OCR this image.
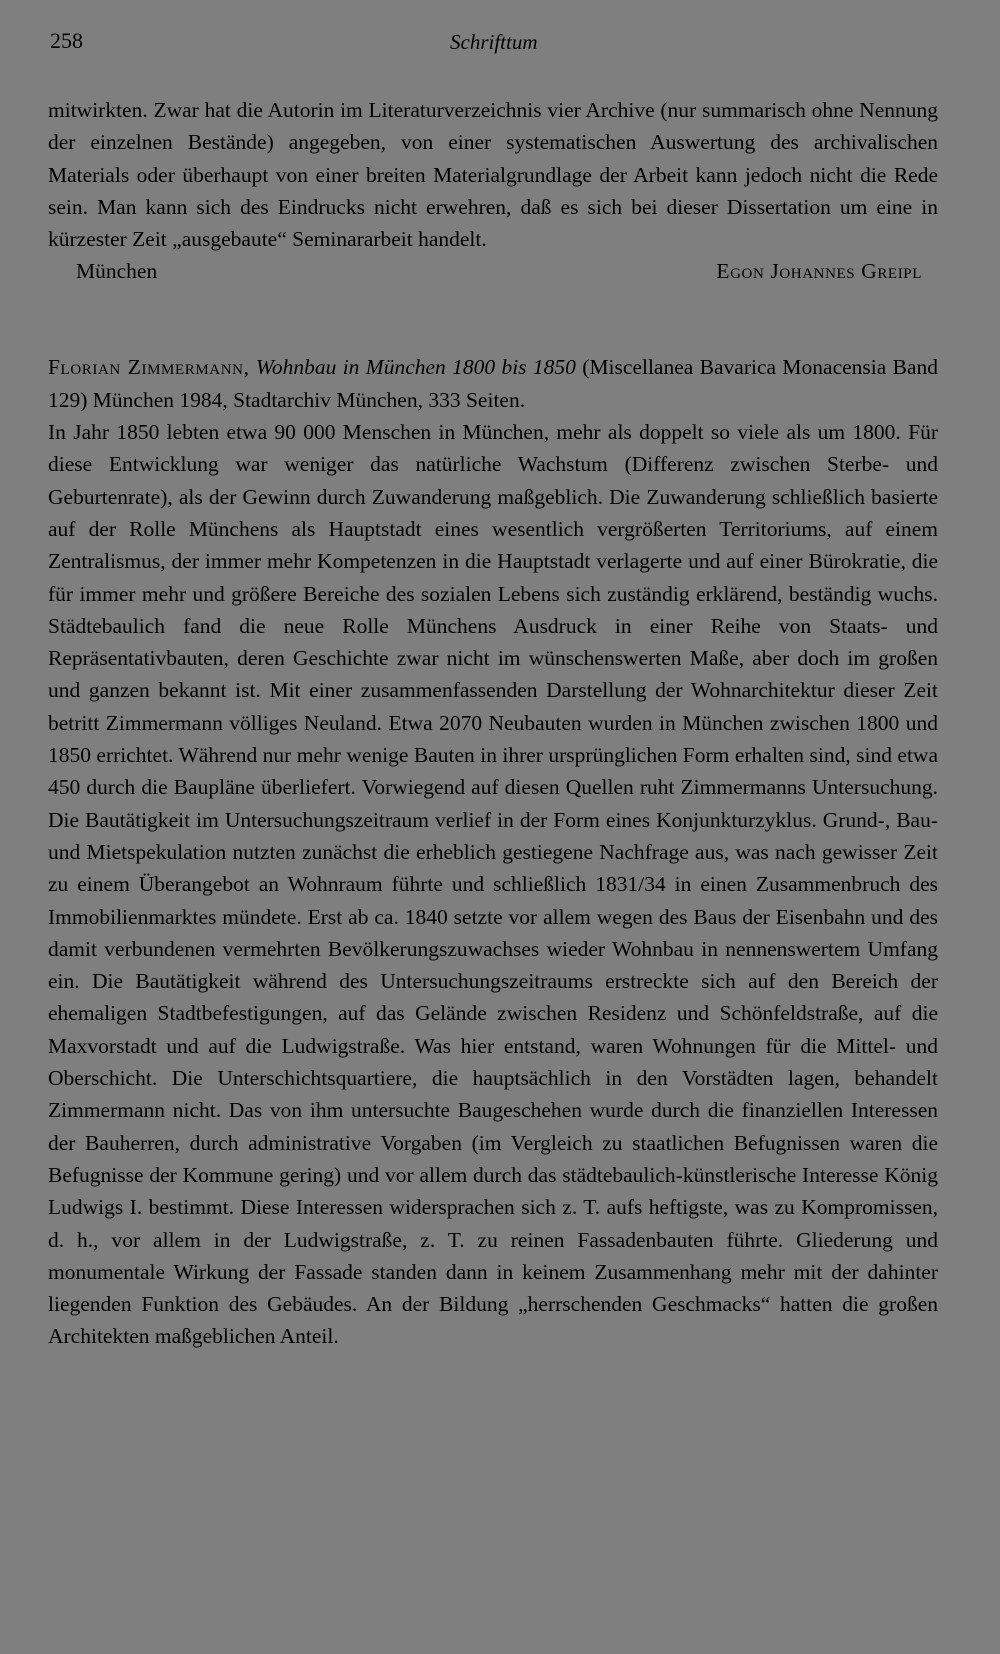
258	Schrifttum

mitwirkten. Zwar hat die Autorin im Literaturverzeichnis vier Archive (nur summarisch ohne Nennung der einzelnen Bestände) angegeben, von einer systematischen Auswertung des archivalischen Materials oder überhaupt von einer breiten Materialgrundlage der Arbeit kann jedoch nicht die Rede sein. Man kann sich des Eindrucks nicht erwehren, daß es sich bei dieser Dissertation um eine in kürzester Zeit „ausgebaute“ Seminararbeit handelt.

München	Egon Johannes Greipl

Florian Zimmermann, Wohnbau in München 1800 bis 1850 (Miscellanea Bavarica Monacensia Band 129) München 1984, Stadtarchiv München, 333 Seiten.

In Jahr 1850 lebten etwa 90 000 Menschen in München, mehr als doppelt so viele als um 1800. Für diese Entwicklung war weniger das natürliche Wachstum (Differenz zwischen Sterbe- und Geburtenrate), als der Gewinn durch Zuwanderung maßgeblich. Die Zuwanderung schließlich basierte auf der Rolle Münchens als Hauptstadt eines wesentlich vergrößerten Territoriums, auf einem Zentralismus, der immer mehr Kompetenzen in die Hauptstadt verlagerte und auf einer Bürokratie, die für immer mehr und größere Bereiche des sozialen Lebens sich zuständig erklärend, beständig wuchs. Städtebaulich fand die neue Rolle Münchens Ausdruck in einer Reihe von Staats- und Repräsentativbauten, deren Geschichte zwar nicht im wünschenswerten Maße, aber doch im großen und ganzen bekannt ist. Mit einer zusammenfassenden Darstellung der Wohnarchitektur dieser Zeit betritt Zimmermann völliges Neuland. Etwa 2070 Neubauten wurden in München zwischen 1800 und 1850 errichtet. Während nur mehr wenige Bauten in ihrer ursprünglichen Form erhalten sind, sind etwa 450 durch die Baupläne überliefert. Vorwiegend auf diesen Quellen ruht Zimmermanns Untersuchung. Die Bautätigkeit im Untersuchungszeitraum verlief in der Form eines Konjunkturzyklus. Grund-, Bau- und Mietspekulation nutzten zunächst die erheblich gestiegene Nachfrage aus, was nach gewisser Zeit zu einem Überangebot an Wohnraum führte und schließlich 1831/34 in einen Zusammenbruch des Immobilienmarktes mündete. Erst ab ca. 1840 setzte vor allem wegen des Baus der Eisenbahn und des damit verbundenen vermehrten Bevölkerungszuwachses wieder Wohnbau in nennenswertem Umfang ein. Die Bautätigkeit während des Untersuchungszeitraums erstreckte sich auf den Bereich der ehemaligen Stadtbefestigungen, auf das Gelände zwischen Residenz und Schönfeldstraße, auf die Maxvorstadt und auf die Ludwigstraße. Was hier entstand, waren Wohnungen für die Mittel- und Oberschicht. Die Unterschichtsquartiere, die hauptsächlich in den Vorstädten lagen, behandelt Zimmermann nicht. Das von ihm untersuchte Baugeschehen wurde durch die finanziellen Interessen der Bauherren, durch administrative Vorgaben (im Vergleich zu staatlichen Befugnissen waren die Befugnisse der Kommune gering) und vor allem durch das städtebaulich-künstlerische Interesse König Ludwigs I. bestimmt. Diese Interessen widersprachen sich z. T. aufs heftigste, was zu Kompromissen, d. h., vor allem in der Ludwigstraße, z. T. zu reinen Fassadenbauten führte. Gliederung und monumentale Wirkung der Fassade standen dann in keinem Zusammenhang mehr mit der dahinter liegenden Funktion des Gebäudes. An der Bildung „herrschenden Geschmacks“ hatten die großen Architekten maßgeblichen Anteil.
